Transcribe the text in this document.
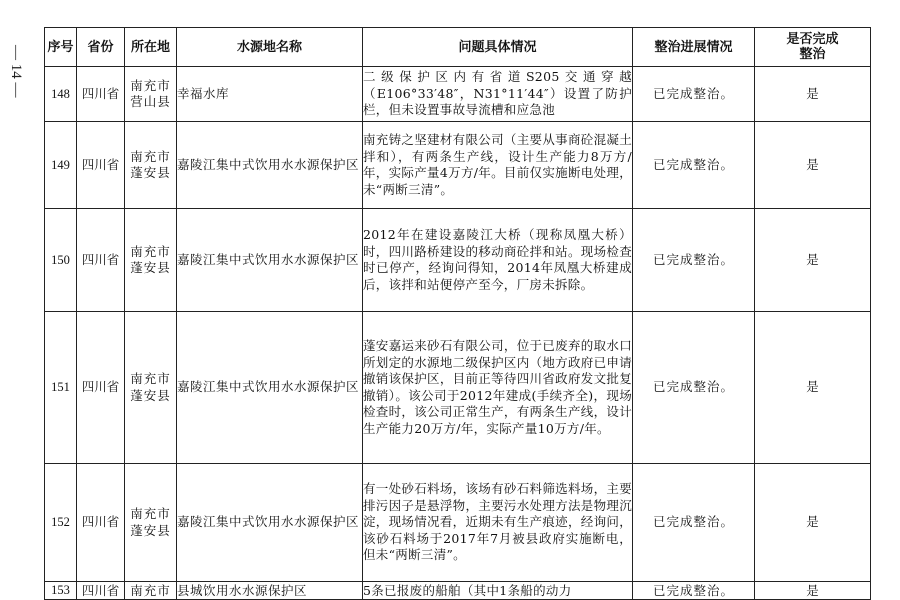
— 14 — 序号	省份	所在地	水源地名称	问题具体情况	整治进展情况	是否完成
整治
148	四川省	南充市营山县	幸福水库	二级保护区内有省道S205交通穿越（E106°33′48″，N31°11′44″）设置了防护栏，但未设置事故导流槽和应急池	已完成整治。	是
149	四川省	南充市蓬安县	嘉陵江集中式饮用水水源保护区	南充铸之坚建材有限公司（主要从事商砼混凝土拌和），有两条生产线，设计生产能力8万方/年，实际产量4万方/年。目前仅实施断电处理，未“两断三清”。	已完成整治。	是
150	四川省	南充市蓬安县	嘉陵江集中式饮用水水源保护区	2012年在建设嘉陵江大桥（现称凤凰大桥）时，四川路桥建设的移动商砼拌和站。现场检查时已停产，经询问得知，2014年凤凰大桥建成后，该拌和站便停产至今，厂房未拆除。	已完成整治。	是
151	四川省	南充市蓬安县	嘉陵江集中式饮用水水源保护区	蓬安嘉运来砂石有限公司，位于已废弃的取水口所划定的水源地二级保护区内（地方政府已申请撤销该保护区，目前正等待四川省政府发文批复撤销）。该公司于2012年建成(手续齐全)，现场检查时，该公司正常生产，有两条生产线，设计生产能力20万方/年，实际产量10万方/年。	已完成整治。	是
152	四川省	南充市蓬安县	嘉陵江集中式饮用水水源保护区	有一处砂石料场，该场有砂石料筛选料场，主要排污因子是悬浮物，主要污水处理方法是物理沉淀，现场情况看，近期未有生产痕迹，经询问，该砂石料场于2017年7月被县政府实施断电，但未“两断三清”。	已完成整治。	是
153	四川省	南充市	县城饮用水水源保护区	5条已报废的船舶（其中1条船的动力	已完成整治。	是
